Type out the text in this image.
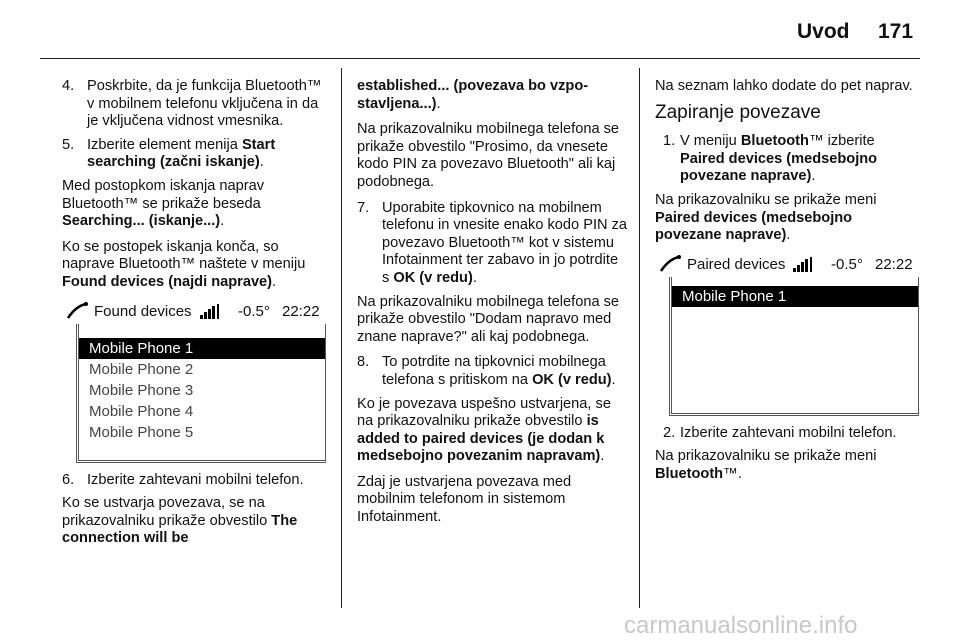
Uvod 171
4. Poskrbite, da je funkcija Bluetooth™ v mobilnem telefonu vključena in da je vključena vidnost vmesnika.
5. Izberite element menija Start searching (začni iskanje).

Med postopkom iskanja naprav Bluetooth™ se prikaže beseda Searching... (iskanje...).

Ko se postopek iskanja konča, so naprave Bluetooth™ naštete v meniju Found devices (najdi naprave).

Found devices	-0.5° 22:22
Mobile Phone 1
Mobile Phone 2
Mobile Phone 3
Mobile Phone 4
Mobile Phone 5
6. Izberite zahtevani mobilni telefon.

Ko se ustvarja povezava, se na prikazovalniku prikaže obvestilo The connection will be

established... (povezava bo vzpo-stavljena...).

Na prikazovalniku mobilnega telefona se prikaže obvestilo "Prosimo, da vnesete kodo PIN za povezavo Bluetooth" ali kaj podobnega.

7. Uporabite tipkovnico na mobilnem telefonu in vnesite enako kodo PIN za povezavo Bluetooth™ kot v sistemu Infotainment ter zabavo in jo potrdite s OK (v redu).

Na prikazovalniku mobilnega telefona se prikaže obvestilo "Dodam napravo med znane naprave?" ali kaj podobnega.

8. To potrdite na tipkovnici mobilnega telefona s pritiskom na OK (v redu).

Ko je povezava uspešno ustvarjena, se na prikazovalniku prikaže obvestilo is added to paired devices (je dodan k medsebojno povezanim napravam).

Zdaj je ustvarjena povezava med mobilnim telefonom in sistemom Infotainment.

Na seznam lahko dodate do pet naprav.

Zapiranje povezave
1. V meniju Bluetooth™ izberite Paired devices (medsebojno povezane naprave).

Na prikazovalniku se prikaže meni Paired devices (medsebojno povezane naprave).

Paired devices	-0.5° 22:22
Mobile Phone 1
2. Izberite zahtevani mobilni telefon.

Na prikazovalniku se prikaže meni Bluetooth™.

carmanualsonline.info
